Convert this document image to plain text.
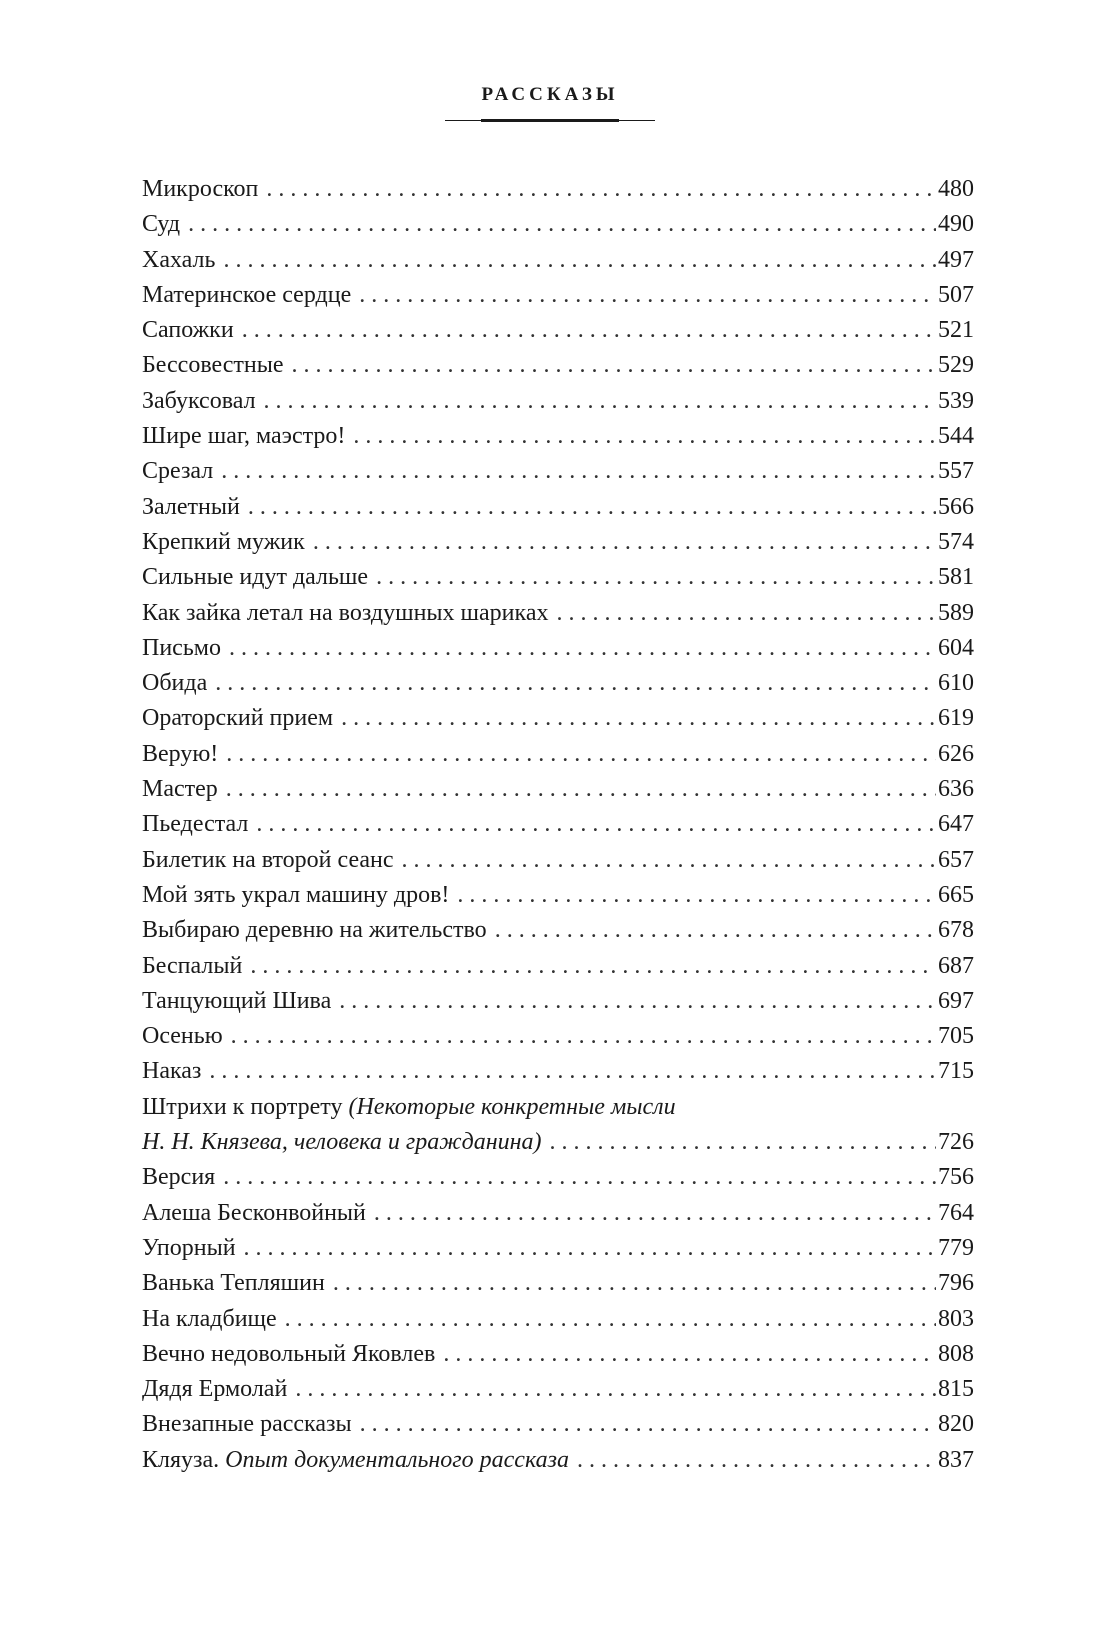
РАССКАЗЫ
Микроскоп . . .	480
Суд . . .	490
Хахаль . . .	497
Материнское сердце . . .	507
Сапожки . . .	521
Бессовестные . . .	529
Забуксовал . . .	539
Шире шаг, маэстро! . . .	544
Срезал . . .	557
Залетный . . .	566
Крепкий мужик . . .	574
Сильные идут дальше . . .	581
Как зайка летал на воздушных шариках . . .	589
Письмо . . .	604
Обида . . .	610
Ораторский прием . . .	619
Верую! . . .	626
Мастер . . .	636
Пьедестал . . .	647
Билетик на второй сеанс . . .	657
Мой зять украл машину дров! . . .	665
Выбираю деревню на жительство . . .	678
Беспалый . . .	687
Танцующий Шива . . .	697
Осенью . . .	705
Наказ . . .	715
Штрихи к портрету (Некоторые конкретные мысли
Н. Н. Князева, человека и гражданина) . . .	726
Версия . . .	756
Алеша Бесконвойный . . .	764
Упорный . . .	779
Ванька Тепляшин . . .	796
На кладбище . . .	803
Вечно недовольный Яковлев . . .	808
Дядя Ермолай . . .	815
Внезапные рассказы . . .	820
Кляуза. Опыт документального рассказа . . .	837
